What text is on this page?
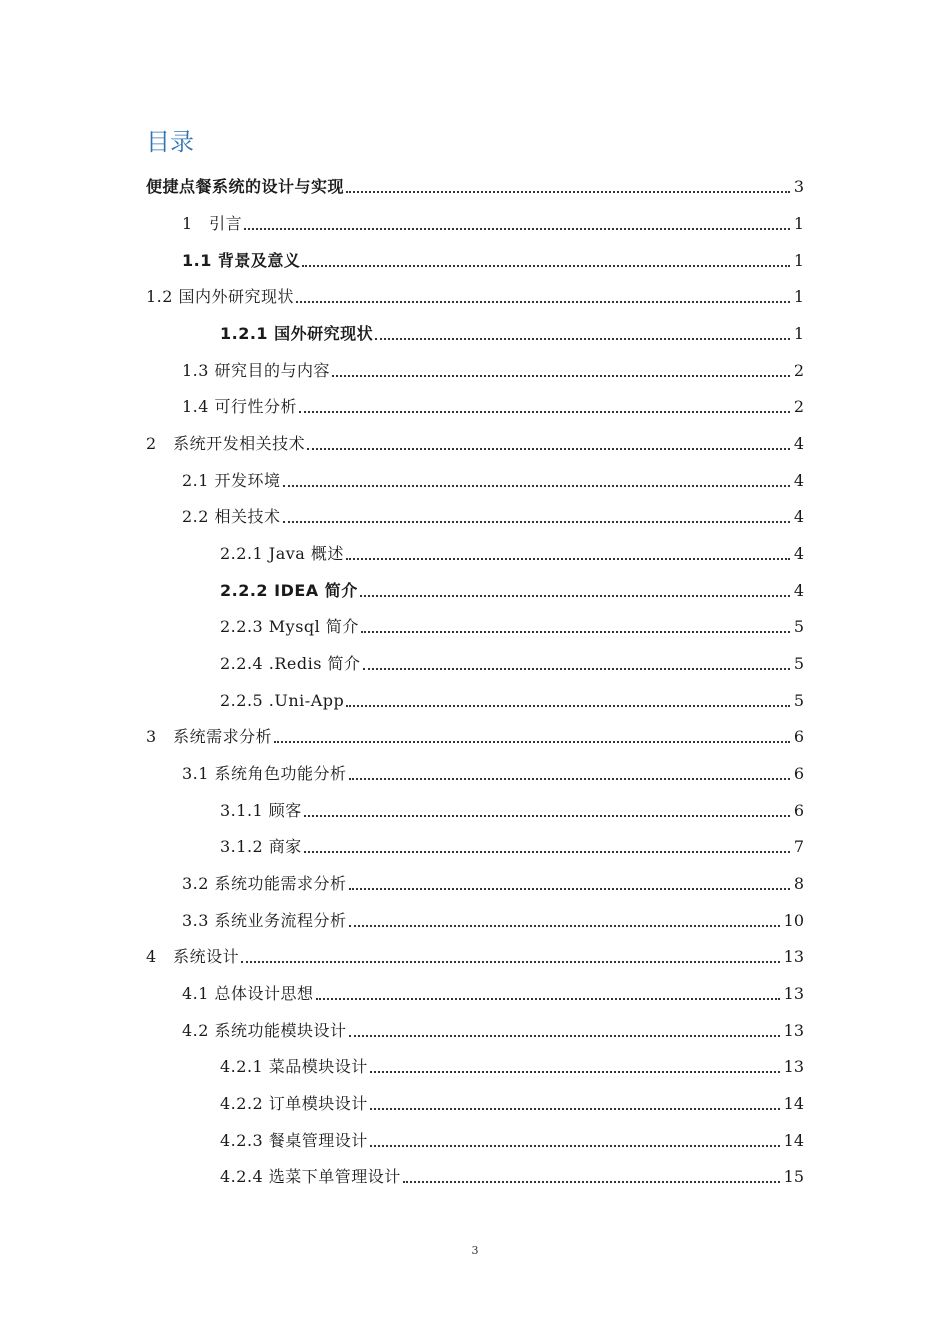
目录
便捷点餐系统的设计与实现	3
1　引言	1
1.1 背景及意义	1
1.2 国内外研究现状	1
1.2.1 国外研究现状	1
1.3 研究目的与内容	2
1.4 可行性分析	2
2　系统开发相关技术	4
2.1 开发环境	4
2.2 相关技术	4
2.2.1 Java 概述	4
2.2.2 IDEA 简介	4
2.2.3 Mysql 简介	5
2.2.4 .Redis 简介	5
2.2.5 .Uni-App	5
3　系统需求分析	6
3.1 系统角色功能分析	6
3.1.1 顾客	6
3.1.2 商家	7
3.2 系统功能需求分析	8
3.3 系统业务流程分析	10
4　系统设计	13
4.1 总体设计思想	13
4.2 系统功能模块设计	13
4.2.1 菜品模块设计	13
4.2.2 订单模块设计	14
4.2.3 餐桌管理设计	14
4.2.4 选菜下单管理设计	15
3
